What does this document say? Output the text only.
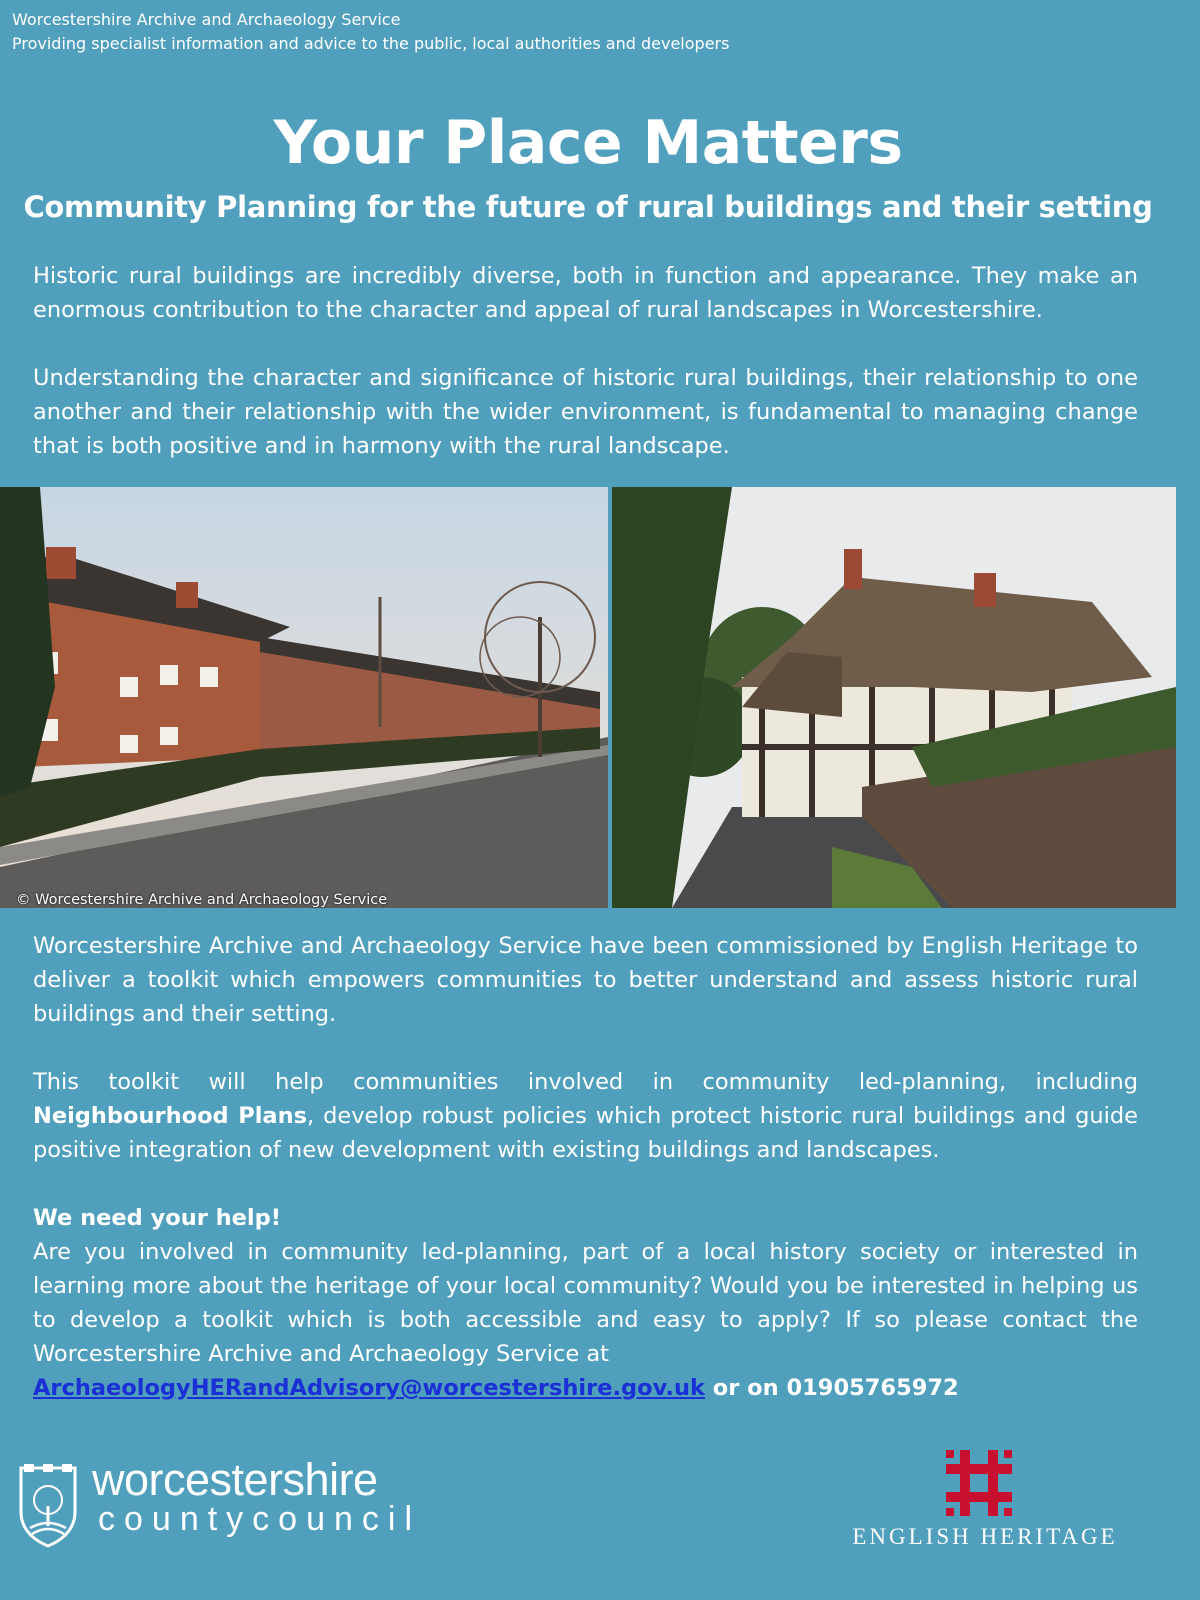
Worcestershire Archive and Archaeology Service
Providing specialist information and advice to the public, local authorities and developers
Your Place Matters
Community Planning for the future of rural buildings and their setting
Historic rural buildings are incredibly diverse, both in function and appearance. They make an enormous contribution to the character and appeal of rural landscapes in Worcestershire.
Understanding the character and significance of historic rural buildings, their relationship to one another and their relationship with the wider environment, is fundamental to managing change that is both positive and in harmony with the rural landscape.
© Worcestershire Archive and Archaeology Service
Worcestershire Archive and Archaeology Service have been commissioned by English Heritage to deliver a toolkit which empowers communities to better understand and assess historic rural buildings and their setting.
This toolkit will help communities involved in community led-planning, including Neighbourhood Plans, develop robust policies which protect historic rural buildings and guide positive integration of new development with existing buildings and landscapes.
We need your help!
Are you involved in community led-planning, part of a local history society or interested in learning more about the heritage of your local community? Would you be interested in helping us to develop a toolkit which is both accessible and easy to apply? If so please contact the Worcestershire Archive and Archaeology Service at
ArchaeologyHERandAdvisory@worcestershire.gov.uk or on 01905765972
worcestershire
countycouncil	ENGLISH HERITAGE
